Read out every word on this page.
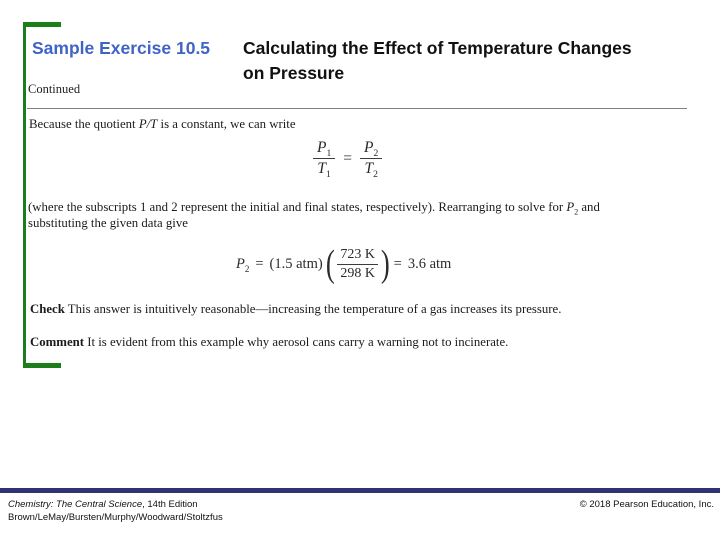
Sample Exercise 10.5 Calculating the Effect of Temperature Changes
on Pressure
Continued

Because the quotient P/T is a constant, we can write

$\frac{P_1}{T_1} = \frac{P_2}{T_2}$

(where the subscripts 1 and 2 represent the initial and final states, respectively). Rearranging to solve for $P_2$ and
substituting the given data give

$P_2 = (1.5$ atm) ( $\frac{723 K}{298 K}$ ) = 3.6 atm

Check This answer is intuitively reasonable—increasing the temperature of a gas increases its pressure.

Comment It is evident from this example why aerosol cans carry a warning not to incinerate.

Chemistry: The Central Science, 14th Edition
Brown/LeMay/Bursten/Murphy/Woodward/Stoltzfus
© 2018 Pearson Education, Inc.
